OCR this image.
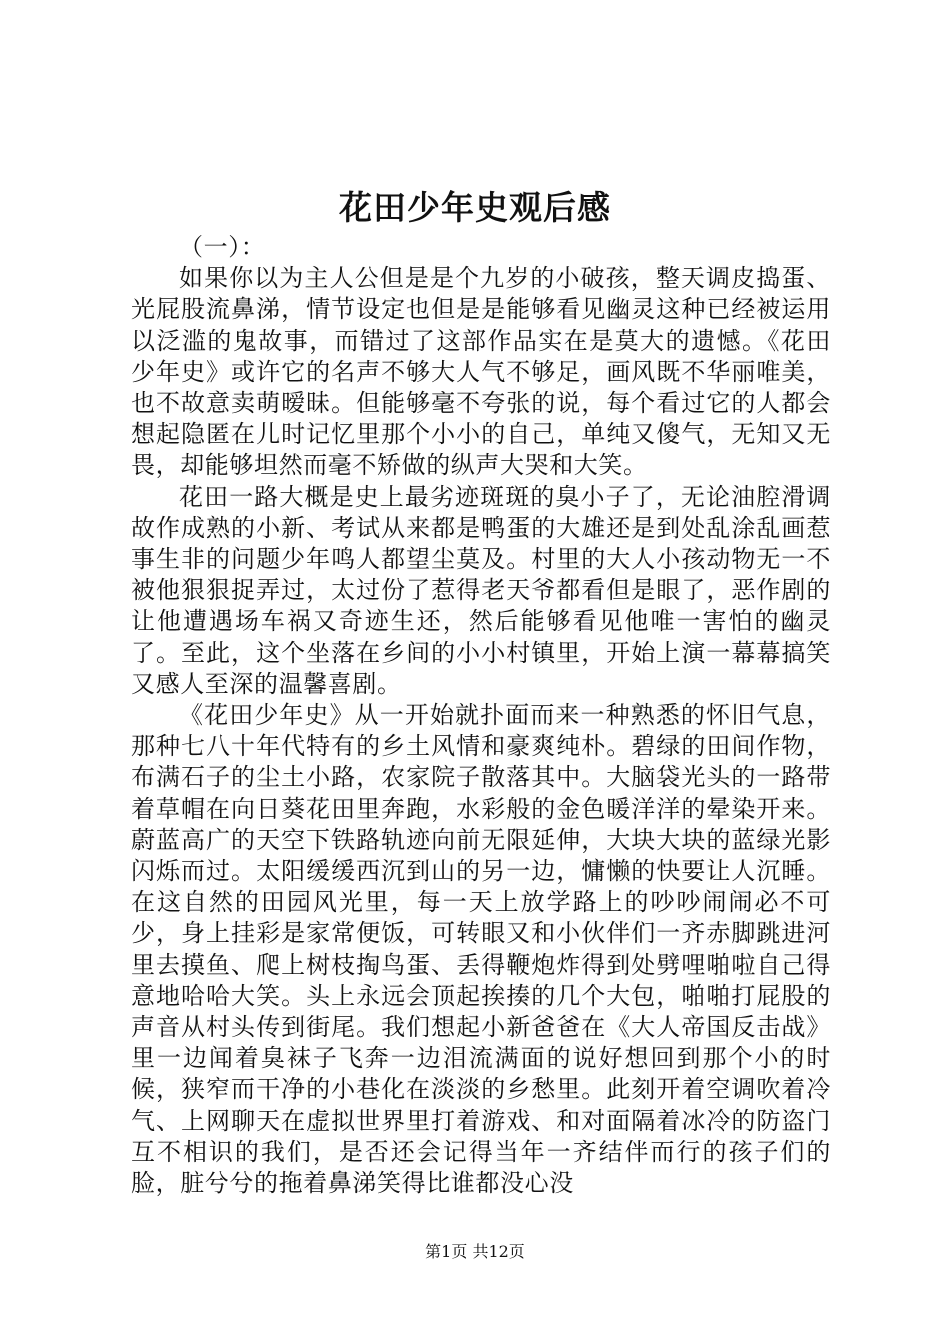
花田少年史观后感

（一）：

如果你以为主人公但是是个九岁的小破孩，整天调皮捣蛋、光屁股流鼻涕，情节设定也但是是能够看见幽灵这种已经被运用以泛滥的鬼故事，而错过了这部作品实在是莫大的遗憾。《花田少年史》或许它的名声不够大人气不够足，画风既不华丽唯美，也不故意卖萌暧昧。但能够毫不夸张的说，每个看过它的人都会想起隐匿在儿时记忆里那个小小的自己，单纯又傻气，无知又无畏，却能够坦然而毫不矫做的纵声大哭和大笑。

花田一路大概是史上最劣迹斑斑的臭小子了，无论油腔滑调故作成熟的小新、考试从来都是鸭蛋的大雄还是到处乱涂乱画惹事生非的问题少年鸣人都望尘莫及。村里的大人小孩动物无一不被他狠狠捉弄过，太过份了惹得老天爷都看但是眼了，恶作剧的让他遭遇场车祸又奇迹生还，然后能够看见他唯一害怕的幽灵了。至此，这个坐落在乡间的小小村镇里，开始上演一幕幕搞笑又感人至深的温馨喜剧。

《花田少年史》从一开始就扑面而来一种熟悉的怀旧气息，那种七八十年代特有的乡土风情和豪爽纯朴。碧绿的田间作物，布满石子的尘土小路，农家院子散落其中。大脑袋光头的一路带着草帽在向日葵花田里奔跑，水彩般的金色暖洋洋的晕染开来。蔚蓝高广的天空下铁路轨迹向前无限延伸，大块大块的蓝绿光影闪烁而过。太阳缓缓西沉到山的另一边，慵懒的快要让人沉睡。在这自然的田园风光里，每一天上放学路上的吵吵闹闹必不可少，身上挂彩是家常便饭，可转眼又和小伙伴们一齐赤脚跳进河里去摸鱼、爬上树枝掏鸟蛋、丢得鞭炮炸得到处劈哩啪啦自己得意地哈哈大笑。头上永远会顶起挨揍的几个大包，啪啪打屁股的声音从村头传到街尾。我们想起小新爸爸在《大人帝国反击战》里一边闻着臭袜子飞奔一边泪流满面的说好想回到那个小的时候，狭窄而干净的小巷化在淡淡的乡愁里。此刻开着空调吹着冷气、上网聊天在虚拟世界里打着游戏、和对面隔着冰冷的防盗门互不相识的我们，是否还会记得当年一齐结伴而行的孩子们的脸，脏兮兮的拖着鼻涕笑得比谁都没心没

第1页 共12页
